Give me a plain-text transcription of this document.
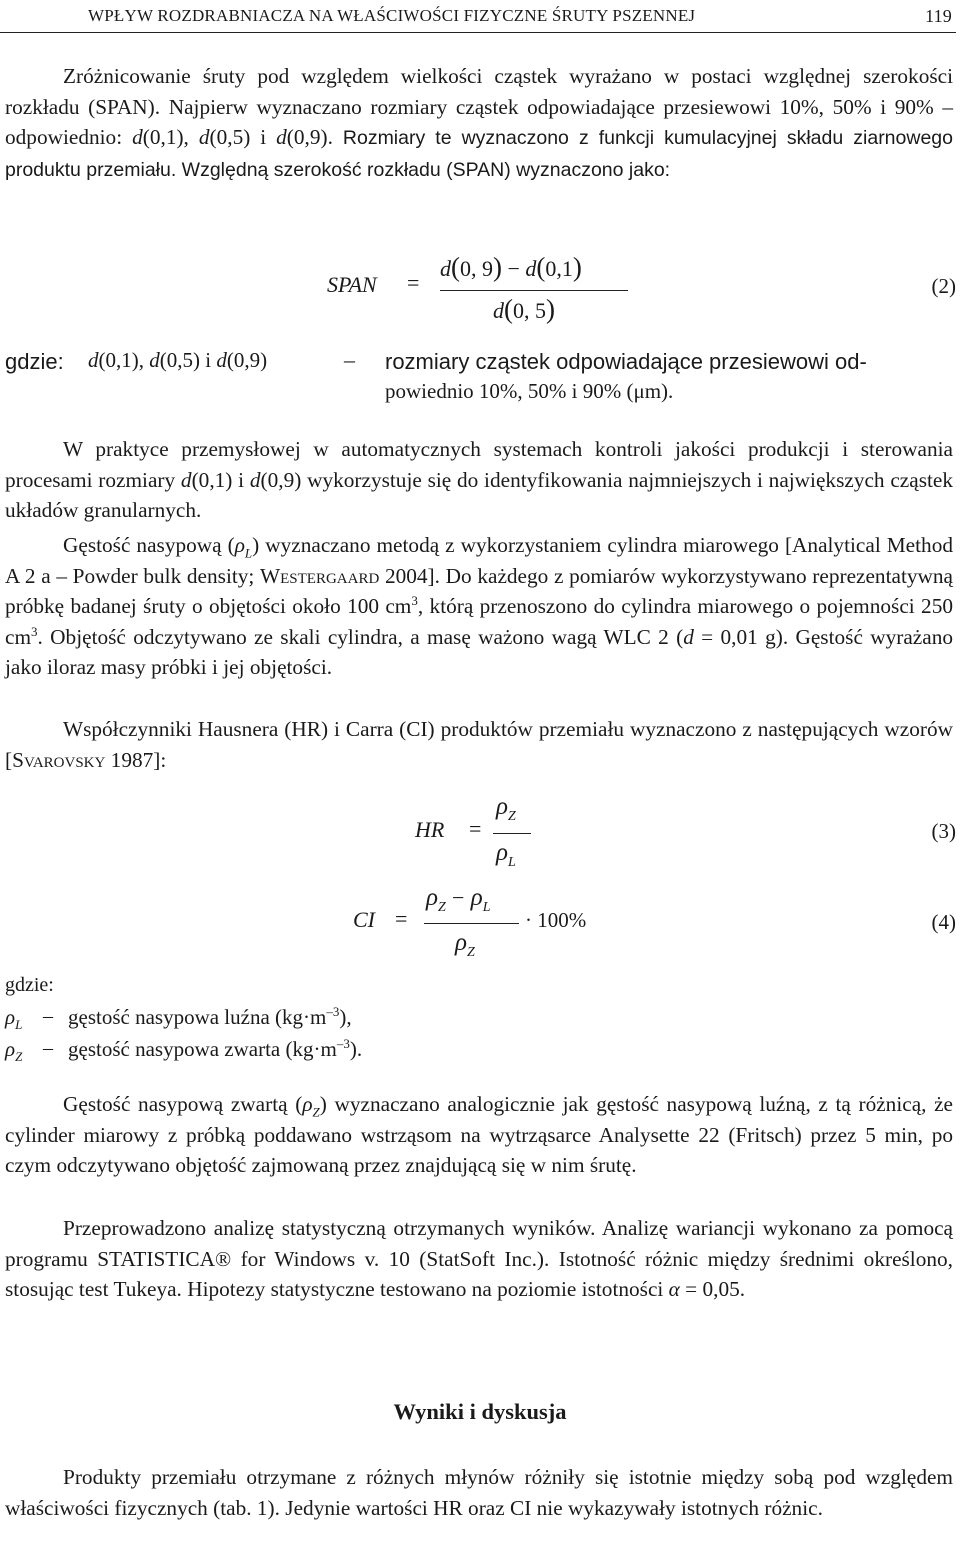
WPŁYW ROZDRABNIACZA NA WŁAŚCIWOŚCI FIZYCZNE ŚRUTY PSZENNEJ	119

Zróżnicowanie śruty pod względem wielkości cząstek wyrażano w postaci względnej szerokości rozkładu (SPAN). Najpierw wyznaczano rozmiary cząstek odpowiadające przesiewowi 10%, 50% i 90% – odpowiednio: d(0,1), d(0,5) i d(0,9). Rozmiary te wyznaczono z funkcji kumulacyjnej składu ziarnowego produktu przemiału. Względną szerokość rozkładu (SPAN) wyznaczono jako:

SPAN =
d(0, 9) − d(0,1)
d(0, 5)
(2)
gdzie: d(0,1), d(0,5) i d(0,9)	– rozmiary cząstek odpowiadające przesiewowi od-
powiednio 10%, 50% i 90% (μm).

W praktyce przemysłowej w automatycznych systemach kontroli jakości produkcji i sterowania procesami rozmiary d(0,1) i d(0,9) wykorzystuje się do identyfikowania najmniejszych i największych cząstek układów granularnych.

Gęstość nasypową $(\rho_L)$ wyznaczano metodą z wykorzystaniem cylindra miarowego [Analytical Method A 2 a – Powder bulk density; Westergaard 2004]. Do każdego z pomiarów wykorzystywano reprezentatywną próbkę badanej śruty o objętości około 100 $cm^3$, którą przenoszono do cylindra miarowego o pojemności 250 $cm^3$. Objętość odczytywano ze skali cylindra, a masę ważono wagą WLC 2 (d = 0,01 g). Gęstość wyrażano jako iloraz masy próbki i jej objętości.

Współczynniki Hausnera (HR) i Carra (CI) produktów przemiału wyznaczono z następujących wzorów [Svarovsky 1987]:

HR =
$\rho_Z$
$\rho_L$
(3)
CI =
$\rho_Z - \rho_L$
$\rho_Z$
· 100%	(4)
gdzie:
$\rho_L$ – gęstość nasypowa luźna $(kg\cdot m^{-3})$,
$\rho_Z$ – gęstość nasypowa zwarta $(kg\cdot m^{-3})$.

Gęstość nasypową zwartą $(\rho_Z)$ wyznaczano analogicznie jak gęstość nasypową luźną, z tą różnicą, że cylinder miarowy z próbką poddawano wstrząsom na wytrząsarce Analysette 22 (Fritsch) przez 5 min, po czym odczytywano objętość zajmowaną przez znajdującą się w nim śrutę.

Przeprowadzono analizę statystyczną otrzymanych wyników. Analizę wariancji wykonano za pomocą programu STATISTICA® for Windows v. 10 (StatSoft Inc.). Istotność różnic między średnimi określono, stosując test Tukeya. Hipotezy statystyczne testowano na poziomie istotności α = 0,05.

Wyniki i dyskusja

Produkty przemiału otrzymane z różnych młynów różniły się istotnie między sobą pod względem właściwości fizycznych (tab. 1). Jedynie wartości HR oraz CI nie wykazywały istotnych różnic.
